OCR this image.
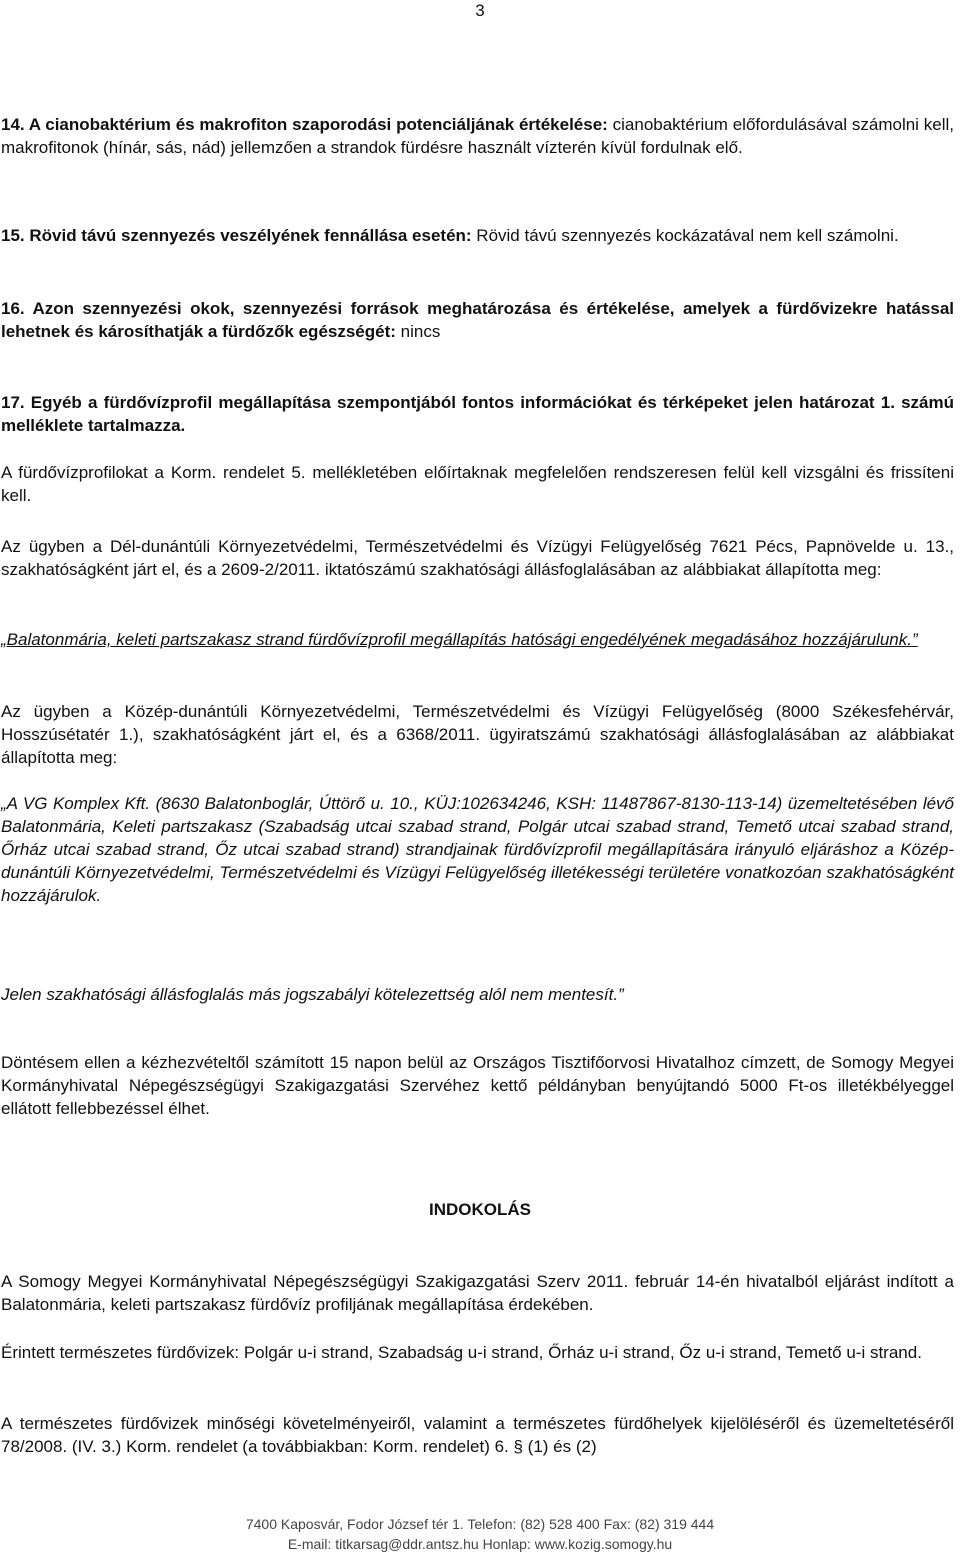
3

14. A cianobaktérium és makrofiton szaporodási potenciáljának értékelése: cianobaktérium előfordulásával számolni kell, makrofitonok (hínár, sás, nád) jellemzően a strandok fürdésre használt vízterén kívül fordulnak elő.

15. Rövid távú szennyezés veszélyének fennállása esetén: Rövid távú szennyezés kockázatával nem kell számolni.

16. Azon szennyezési okok, szennyezési források meghatározása és értékelése, amelyek a fürdővizekre hatással lehetnek és károsíthatják a fürdőzők egészségét: nincs

17. Egyéb a fürdővízprofil megállapítása szempontjából fontos információkat és térképeket jelen határozat 1. számú melléklete tartalmazza.

A fürdővízprofilokat a Korm. rendelet 5. mellékletében előírtaknak megfelelően rendszeresen felül kell vizsgálni és frissíteni kell.

Az ügyben a Dél-dunántúli Környezetvédelmi, Természetvédelmi és Vízügyi Felügyelőség 7621 Pécs, Papnövelde u. 13., szakhatóságként járt el, és a 2609-2/2011. iktatószámú szakhatósági állásfoglalásában az alábbiakat állapította meg:

„Balatonmária, keleti partszakasz strand fürdővízprofil megállapítás hatósági engedélyének megadásához hozzájárulunk.”

Az ügyben a Közép-dunántúli Környezetvédelmi, Természetvédelmi és Vízügyi Felügyelőség (8000 Székesfehérvár, Hosszúsétatér 1.), szakhatóságként járt el, és a 6368/2011. ügyiratszámú szakhatósági állásfoglalásában az alábbiakat állapította meg:

„A VG Komplex Kft. (8630 Balatonboglár, Úttörő u. 10., KÜJ:102634246, KSH: 11487867-8130-113-14) üzemeltetésében lévő Balatonmária, Keleti partszakasz (Szabadság utcai szabad strand, Polgár utcai szabad strand, Temető utcai szabad strand, Őrház utcai szabad strand, Őz utcai szabad strand) strandjainak fürdővízprofil megállapítására irányuló eljáráshoz a Közép-dunántúli Környezetvédelmi, Természetvédelmi és Vízügyi Felügyelőség illetékességi területére vonatkozóan szakhatóságként hozzájárulok.

Jelen szakhatósági állásfoglalás más jogszabályi kötelezettség alól nem mentesít.”

Döntésem ellen a kézhezvételtől számított 15 napon belül az Országos Tisztifőorvosi Hivatalhoz címzett, de Somogy Megyei Kormányhivatal Népegészségügyi Szakigazgatási Szervéhez kettő példányban benyújtandó 5000 Ft-os illetékbélyeggel ellátott fellebbezéssel élhet.

INDOKOLÁS

A Somogy Megyei Kormányhivatal Népegészségügyi Szakigazgatási Szerv 2011. február 14-én hivatalból eljárást indított a Balatonmária, keleti partszakasz fürdővíz profiljának megállapítása érdekében.

Érintett természetes fürdővizek: Polgár u-i strand, Szabadság u-i strand, Őrház u-i strand, Őz u-i strand, Temető u-i strand.

A természetes fürdővizek minőségi követelményeiről, valamint a természetes fürdőhelyek kijelöléséről és üzemeltetéséről 78/2008. (IV. 3.) Korm. rendelet (a továbbiakban: Korm. rendelet) 6. § (1) és (2)

7400 Kaposvár, Fodor József tér 1. Telefon: (82) 528 400 Fax: (82) 319 444
E-mail: titkarsag@ddr.antsz.hu Honlap: www.kozig.somogy.hu
